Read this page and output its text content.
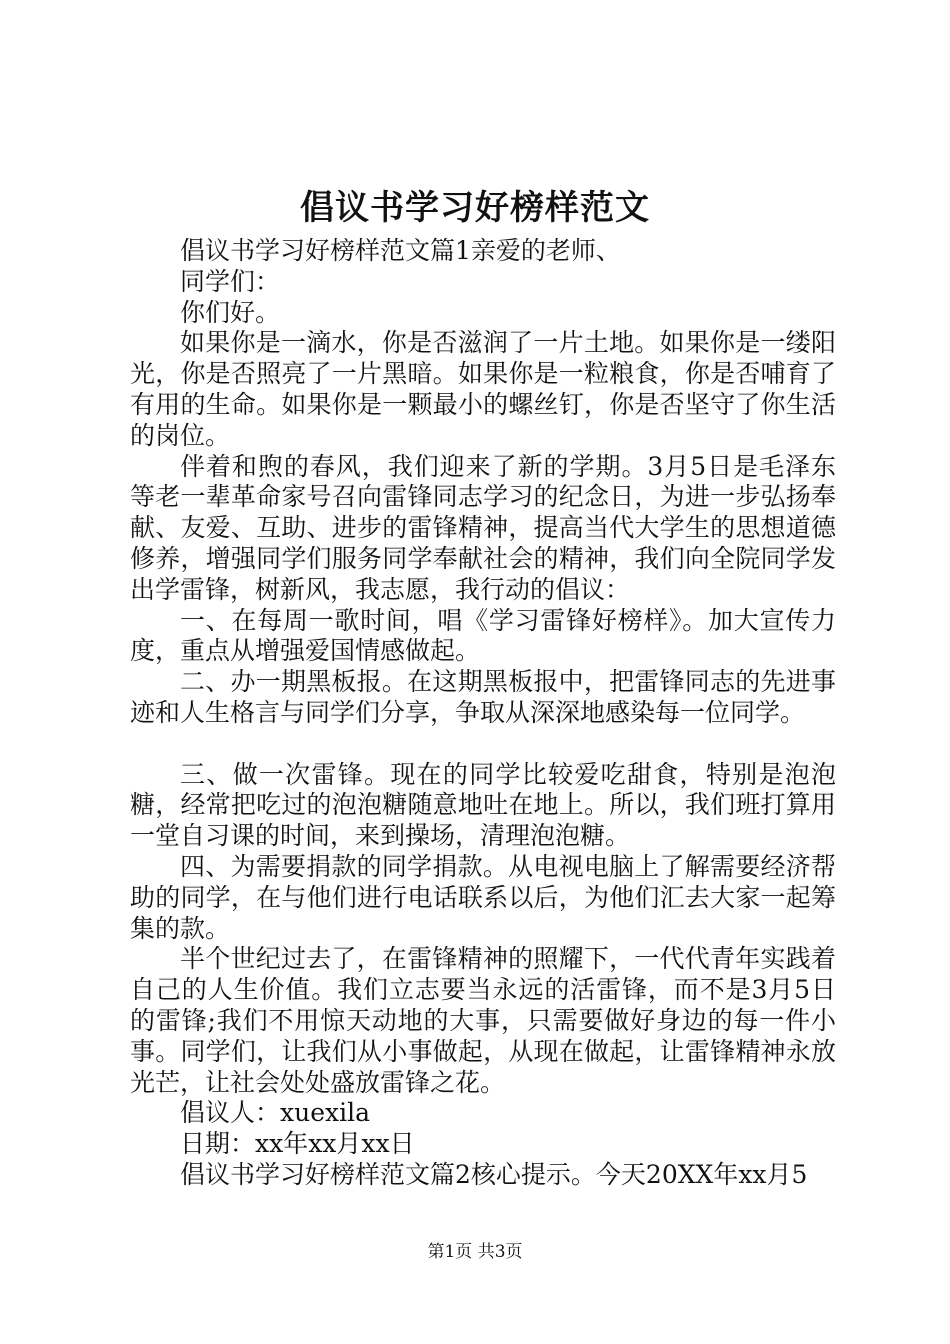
倡议书学习好榜样范文

倡议书学习好榜样范文篇1亲爱的老师、

同学们：

你们好。

如果你是一滴水，你是否滋润了一片土地。如果你是一缕阳光，你是否照亮了一片黑暗。如果你是一粒粮食，你是否哺育了有用的生命。如果你是一颗最小的螺丝钉，你是否坚守了你生活的岗位。

伴着和煦的春风，我们迎来了新的学期。3月5日是毛泽东等老一辈革命家号召向雷锋同志学习的纪念日，为进一步弘扬奉献、友爱、互助、进步的雷锋精神，提高当代大学生的思想道德修养，增强同学们服务同学奉献社会的精神，我们向全院同学发出学雷锋，树新风，我志愿，我行动的倡议：

一、在每周一歌时间，唱《学习雷锋好榜样》。加大宣传力度，重点从增强爱国情感做起。

二、办一期黑板报。在这期黑板报中，把雷锋同志的先进事迹和人生格言与同学们分享，争取从深深地感染每一位同学。

三、做一次雷锋。现在的同学比较爱吃甜食，特别是泡泡糖，经常把吃过的泡泡糖随意地吐在地上。所以，我们班打算用一堂自习课的时间，来到操场，清理泡泡糖。

四、为需要捐款的同学捐款。从电视电脑上了解需要经济帮助的同学，在与他们进行电话联系以后，为他们汇去大家一起筹集的款。

半个世纪过去了，在雷锋精神的照耀下，一代代青年实践着自己的人生价值。我们立志要当永远的活雷锋，而不是3月5日的雷锋;我们不用惊天动地的大事，只需要做好身边的每一件小事。同学们，让我们从小事做起，从现在做起，让雷锋精神永放光芒，让社会处处盛放雷锋之花。

倡议人：xuexila

日期：xx年xx月xx日

倡议书学习好榜样范文篇2核心提示。今天20XX年xx月5

第1页 共3页
